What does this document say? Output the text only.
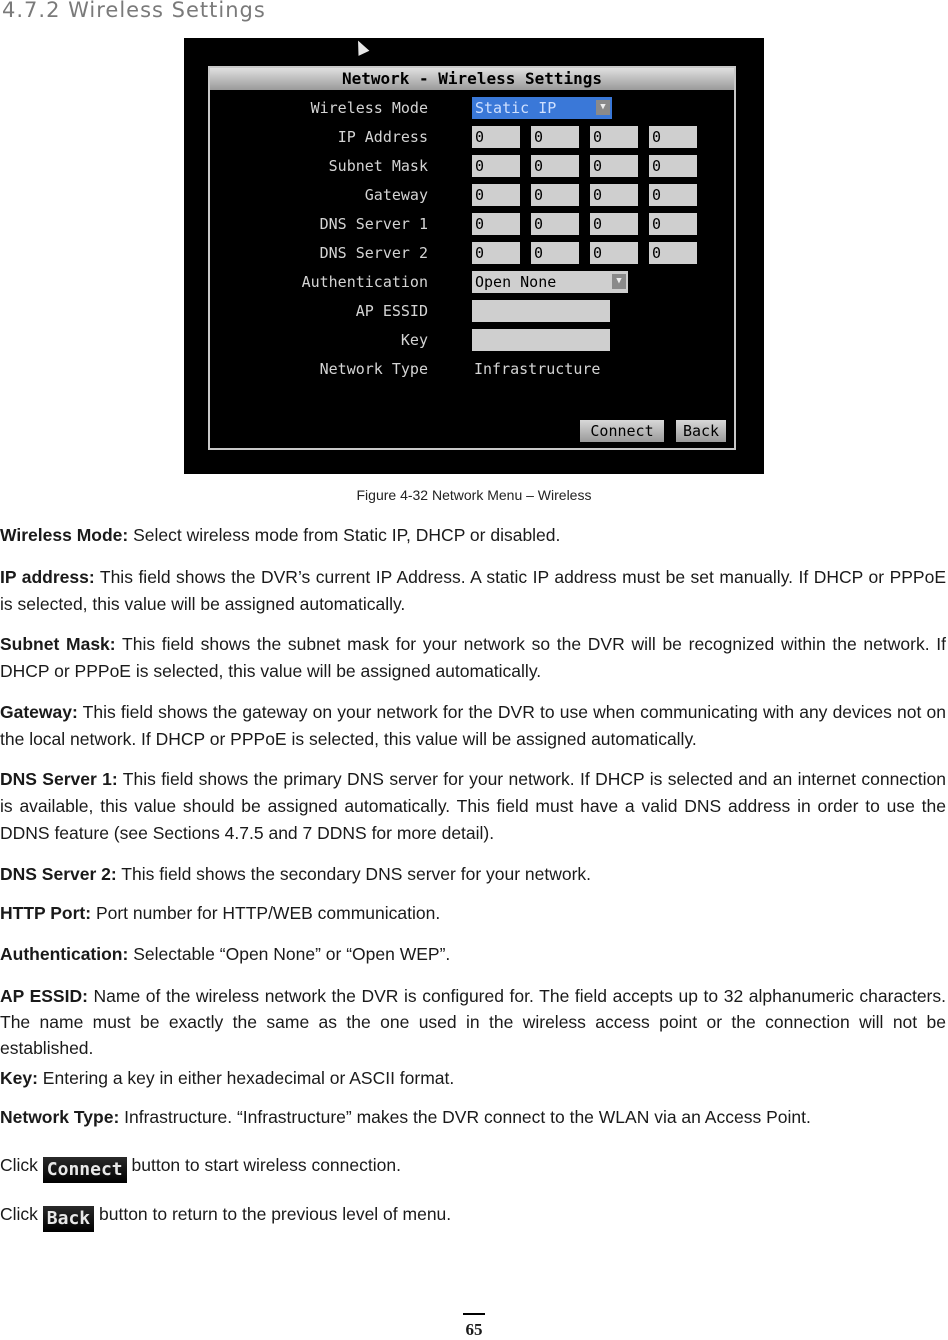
4.7.2 Wireless Settings
Network - Wireless Settings
Wireless Mode	Static IP	▼
IP Address	0	0	0	0
Subnet Mask	0	0	0	0
Gateway	0	0	0	0
DNS Server 1	0	0	0	0
DNS Server 2	0	0	0	0
Authentication	Open None	▼
AP ESSID
Key
Network Type	Infrastructure
Connect	Back
Figure 4-32 Network Menu – Wireless
Wireless Mode: Select wireless mode from Static IP, DHCP or disabled.
IP address: This field shows the DVR’s current IP Address. A static IP address must be set manually. If DHCP or PPPoE is selected, this value will be assigned automatically.
Subnet Mask: This field shows the subnet mask for your network so the DVR will be recognized within the network. If DHCP or PPPoE is selected, this value will be assigned automatically.
Gateway: This field shows the gateway on your network for the DVR to use when communicating with any devices not on the local network. If DHCP or PPPoE is selected, this value will be assigned automatically.
DNS Server 1: This field shows the primary DNS server for your network. If DHCP is selected and an internet connection is available, this value should be assigned automatically. This field must have a valid DNS address in order to use the DDNS feature (see Sections 4.7.5 and 7 DDNS for more detail).
DNS Server 2: This field shows the secondary DNS server for your network.
HTTP Port: Port number for HTTP/WEB communication.
Authentication: Selectable “Open None” or “Open WEP”.
AP ESSID: Name of the wireless network the DVR is configured for. The field accepts up to 32 alphanumeric characters. The name must be exactly the same as the one used in the wireless access point or the connection will not be established.
Key: Entering a key in either hexadecimal or ASCII format.
Network Type: Infrastructure. “Infrastructure” makes the DVR connect to the WLAN via an Access Point.
Click Connect button to start wireless connection.
Click Back button to return to the previous level of menu.
65
